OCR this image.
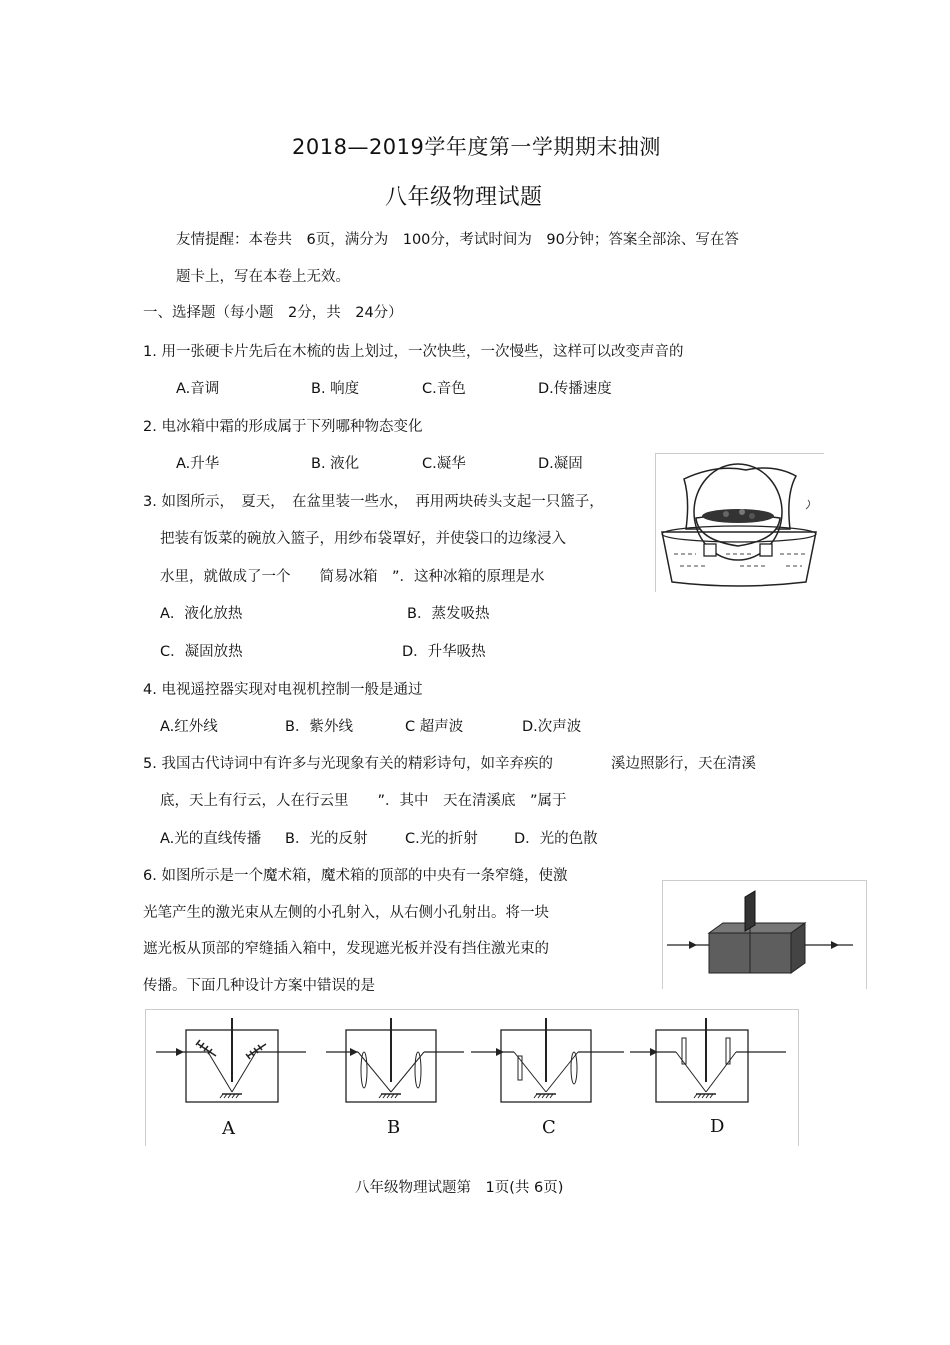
2018—2019学年度第一学期期末抽测
八年级物理试题
友情提醒：本卷共　6页，满分为　100分，考试时间为　90分钟；答案全部涂、写在答
题卡上，写在本卷上无效。
一、选择题（每小题　2分，共　24分）
1. 用一张硬卡片先后在木梳的齿上划过，一次快些，一次慢些，这样可以改变声音的
A.音调	B. 响度	C.音色	D.传播速度
2. 电冰箱中霜的形成属于下列哪种物态变化
A.升华	B. 液化	C.凝华	D.凝固
3. 如图所示，　夏天，　在盆里装一些水，　再用两块砖头支起一只篮子，
把装有饭菜的碗放入篮子，用纱布袋罩好，并使袋口的边缘浸入
水里，就做成了一个　　简易冰箱　”．这种冰箱的原理是水
A．液化放热	B．蒸发吸热
C．凝固放热	D．升华吸热
4. 电视遥控器实现对电视机控制一般是通过
A.红外线	B．紫外线	C 超声波	D.次声波
5. 我国古代诗词中有许多与光现象有关的精彩诗句，如辛弃疾的　　　　溪边照影行，天在清溪
底，天上有行云，人在行云里　　”．其中　天在清溪底　”属于
A.光的直线传播 B．光的反射	C.光的折射	D．光的色散
6. 如图所示是一个魔术箱，魔术箱的顶部的中央有一条窄缝，使激
光笔产生的激光束从左侧的小孔射入，从右侧小孔射出。将一块
遮光板从顶部的窄缝插入箱中，发现遮光板并没有挡住激光束的
传播。下面几种设计方案中错误的是
A	B	C	D
八年级物理试题第　1页(共 6页)
